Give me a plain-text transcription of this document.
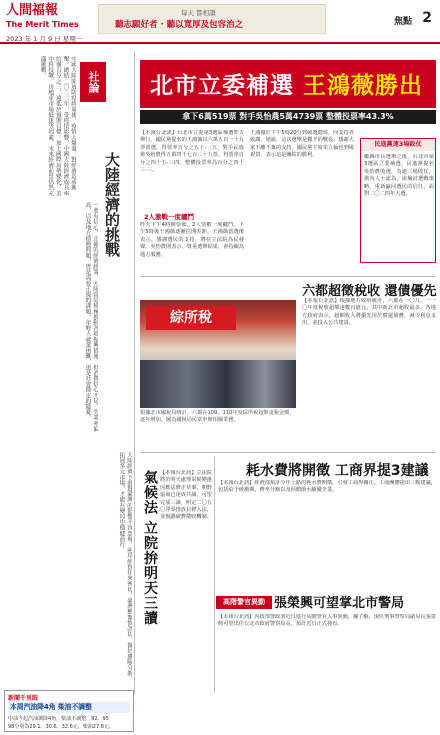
人間福報
The Merit Times
2023 年 1 月 9 日 星期一
每天 都相讚
聽志願好者 · 聽以寬厚及包容治之	焦點 2
社論
大陸經濟的挑戰
中國大陸開放防疫政策後，疫情大爆發，對經濟造成衝擊。總結二〇二二年，受疫情影響，中國大陸經濟成長率約僅百分之三，遠低於預期目標。加上國際局勢變化、美中科技戰、房地產市場低迷等因素，未來經濟前景仍然充滿挑戰。
一要有信心、正確的經濟政策，大陸當局積極推動各項振興措施，但消費信心不足、失業率偏高，以及地方債務問題，皆是需要正視的課題。年輕人就業困難，更是社會穩定的隱憂。
大陸經濟下滑對臺灣的影響不容忽視，兩岸經貿往來密切，臺灣應審慎評估，做好風險分散，拓展多元市場，才能在變局中穩健前行。
北市立委補選 王鴻薇勝出
拿下6萬519票 對手吳怡農5萬4739票 整體投票率43.3%
【本報台北訊】台北市立委第3選區補選昨天舉行，國民黨提名的王鴻薇以六萬五百一十九票當選，得票率百分之五十·一五，對手民進黨吳怡農得五萬四千七百三十九票，得票率百分之四十五·三四。整體投票率為百分之四十三·三。
2人激戰一度纏鬥
昨天下午4時開票後，2人票數一度纏鬥，下午5時後王鴻薇逐漸拉開差距。王鴻薇當選後表示，感謝選民的支持，將在立法院為民發聲。吳怡農則表示，尊重選舉結果，會持續為地方服務。
王鴻薇於下午5時20分到競選總部，向支持者致謝。她說，這次選舉是艱辛的戰役，感謝大家不離不棄的支持。國民黨主席朱立倫也到場祝賀，表示這是團結的勝利。
民進黨連3場敗仗
繼縣市長選舉之後，台北市第3選區立委補選，民進黨提名吳怡農敗選，為連三場敗仗。黨內人士認為，需檢討選戰策略，重新贏回選民的信任，面對二〇二四年大選。
綜所稅
根據北市國稅局統計，六都在109、110年度綜所稅超額退稅金額，逐年增加。圖為國稅局民眾申辦相關業務。
六都超徵稅收 還債優先
【本報台北訊】根據地方政府統計，六都在一〇九、一一〇年度稅收超額達數百億元，其中新北市超收最多。各地方政府表示，超額收入將優先用於償還債務，減少利息支出，並投入公共建設。
氣候法 立院拚明天三讀 【本報台北訊】立法院將於明天處理氣候變遷因應法修正草案，朝野協商已達成共識，可望完成三讀，明定二〇五〇淨零排放目標入法，並規劃碳費徵收機制。
耗水費將開徵 工商界提3建議
【本報台北訊】經濟部預計今年上路的耗水費開徵，引發工商界關注。工商團體提出三點建議，包括給予緩衝期、費率分級以及回饋節水績優企業。
高階警官異動 張榮興可望掌北市警局
【本報台北訊】內政部警政署近日進行高階警官人事異動，據了解，現任刑事警察局副局長張榮興可望出任台北市政府警察局長，預計近日正式發布。
新聞千里眼
本周汽油降4角 柴油不調整
中油今起汽油調降4角，柴油不調整，92、95
98分別為29.1、30.6、32.6元，柴油27.8元。
